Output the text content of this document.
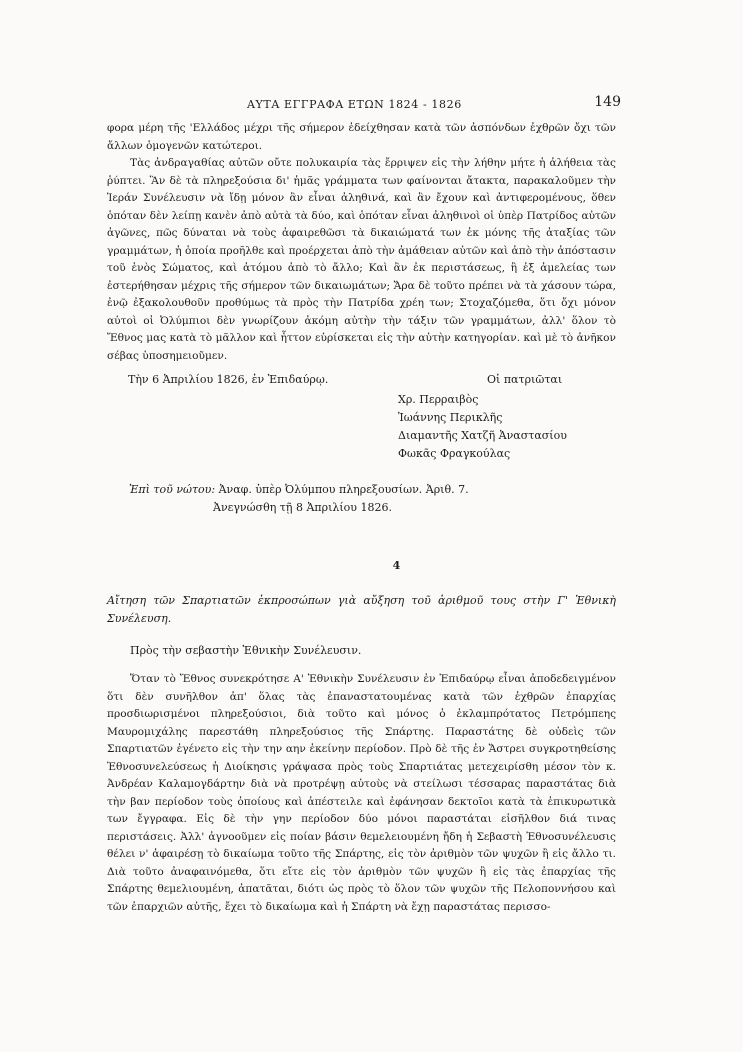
ΑΥΤΑ ΕΓΓΡΑΦΑ ΕΤΩΝ 1824 - 1826	149

φορα μέρη τῆς 'Ελλάδος μέχρι τῆς σήμερον ἐδείχθησαν κατὰ τῶν ἀσπόνδων ἐχθρῶν ὄχι τῶν ἄλλων ὁμογενῶν κατώτεροι.

Τὰς ἀνδραγαθίας αὐτῶν οὔτε πολυκαιρία τὰς ἔρριψεν εἰς τὴν λήθην μήτε ἡ ἀλήθεια τὰς ῥύπτει. Ἂν δὲ τὰ πληρεξούσια δι' ἡμᾶς γράμματα των φαίνονται ἄτακτα, παρακαλοῦμεν τὴν Ἱεράν Συνέλευσιν νὰ ἴδῃ μόνον ἂν εἶναι ἀληθινά, καὶ ἂν ἔχουν καὶ ἀντιφερομένους, ὅθεν ὁπόταν δὲν λείπῃ κανὲν ἀπὸ αὐτὰ τὰ δύο, καὶ ὁπόταν εἶναι ἀληθινοὶ οἱ ὑπὲρ Πατρίδος αὐτῶν ἀγῶνες, πῶς δύναται νὰ τοὺς ἀφαιρεθῶσι τὰ δικαιώματά των ἐκ μόνης τῆς ἀταξίας τῶν γραμμάτων, ἡ ὁποία προῆλθε καὶ προέρχεται ἀπὸ τὴν ἀμάθειαν αὐτῶν καὶ ἀπὸ τὴν ἀπόστασιν τοῦ ἑνὸς Σώματος, καὶ ἀτόμου ἀπὸ τὸ ἄλλο; Καὶ ἂν ἐκ περιστάσεως, ἢ ἐξ ἀμελείας των ἐστερήθησαν μέχρις τῆς σήμερον τῶν δικαιωμάτων; Ἄρα δὲ τοῦτο πρέπει νὰ τὰ χάσουν τώρα, ἐνῷ ἐξακολουθοῦν προθύμως τὰ πρὸς τὴν Πατρίδα χρέη των; Στοχαζόμεθα, ὅτι ὄχι μόνον αὐτοὶ οἱ Ὀλύμπιοι δὲν γνωρίζουν ἀκόμη αὐτὴν τὴν τάξιν τῶν γραμμάτων, ἀλλ' ὅλον τὸ Ἔθνος μας κατὰ τὸ μᾶλλον καὶ ἧττον εὑρίσκεται εἰς τὴν αὐτὴν κατηγορίαν. καὶ μὲ τὸ ἀνῆκον σέβας ὑποσημειοῦμεν.

Τὴν 6 Ἀπριλίου 1826, ἐν Ἐπιδαύρῳ.	Οἱ πατριῶται
Χρ. Περραιβὸς
Ἰωάννης Περικλῆς
Διαμαντῆς Χατζῆ Ἀναστασίου
Φωκᾶς Φραγκούλας
Ἐπὶ τοῦ νώτου: Ἀναφ. ὑπὲρ Ὀλύμπου πληρεξουσίων. Ἀριθ. 7.
Ἀνεγνώσθη τῇ 8 Ἀπριλίου 1826.
4
Αἴτηση τῶν Σπαρτιατῶν ἐκπροσώπων γιὰ αὔξηση τοῦ ἀριθμοῦ τους στὴν Γ' Ἐθνικὴ Συνέλευση.
Πρὸς τὴν σεβαστὴν Ἐθνικὴν Συνέλευσιν.

Ὅταν τὸ Ἔθνος συνεκρότησε Α' Ἐθνικὴν Συνέλευσιν ἐν Ἐπιδαύρῳ εἶναι ἀποδεδειγμένον ὅτι δὲν συνῆλθον ἀπ' ὅλας τὰς ἐπαναστατουμένας κατὰ τῶν ἐχθρῶν ἐπαρχίας προσδιωρισμένοι πληρεξούσιοι, διὰ τοῦτο καὶ μόνος ὁ ἐκλαμπρότατος Πετρόμπεης Μαυρομιχάλης παρεστάθη πληρεξούσιος τῆς Σπάρτης. Παραστάτης δὲ οὐδεὶς τῶν Σπαρτιατῶν ἐγένετο εἰς τὴν την αην ἐκείνην περίοδον. Πρὸ δὲ τῆς ἐν Ἄστρει συγκροτηθείσης Ἐθνοσυνελεύσεως ἡ Διοίκησις γράψασα πρὸς τοὺς Σπαρτιάτας μετεχειρίσθη μέσον τὸν κ. Ἀνδρέαν Καλαμογδάρτην διὰ νὰ προτρέψῃ αὐτοὺς νὰ στείλωσι τέσσαρας παραστάτας διὰ τὴν βαν περίοδον τοὺς ὁποίους καὶ ἀπέστειλε καὶ ἐφάνησαν δεκτοῖοι κατὰ τὰ ἐπικυρωτικὰ των ἔγγραφα. Εἰς δὲ τὴν γην περίοδον δύο μόνοι παραστάται εἰσῆλθον διά τινας περιστάσεις. Ἀλλ' ἀγνοοῦμεν εἰς ποίαν βάσιν θεμελειουμένη ἤδη ἡ Σεβαστὴ Ἐθνοσυνέλευσις θέλει ν' ἀφαιρέσῃ τὸ δικαίωμα τοῦτο τῆς Σπάρτης, εἰς τὸν ἀριθμὸν τῶν ψυχῶν ἢ εἰς ἄλλο τι. Διὰ τοῦτο ἀναφαινόμεθα, ὅτι εἴτε εἰς τὸν ἀριθμὸν τῶν ψυχῶν ἢ εἰς τὰς ἐπαρχίας τῆς Σπάρτης θεμελιουμένη, ἀπατᾶται, διότι ὡς πρὸς τὸ ὅλον τῶν ψυχῶν τῆς Πελοποννήσου καὶ τῶν ἐπαρχιῶν αὐτῆς, ἔχει τὸ δικαίωμα καὶ ἡ Σπάρτη νὰ ἔχῃ παραστάτας περισσο-
